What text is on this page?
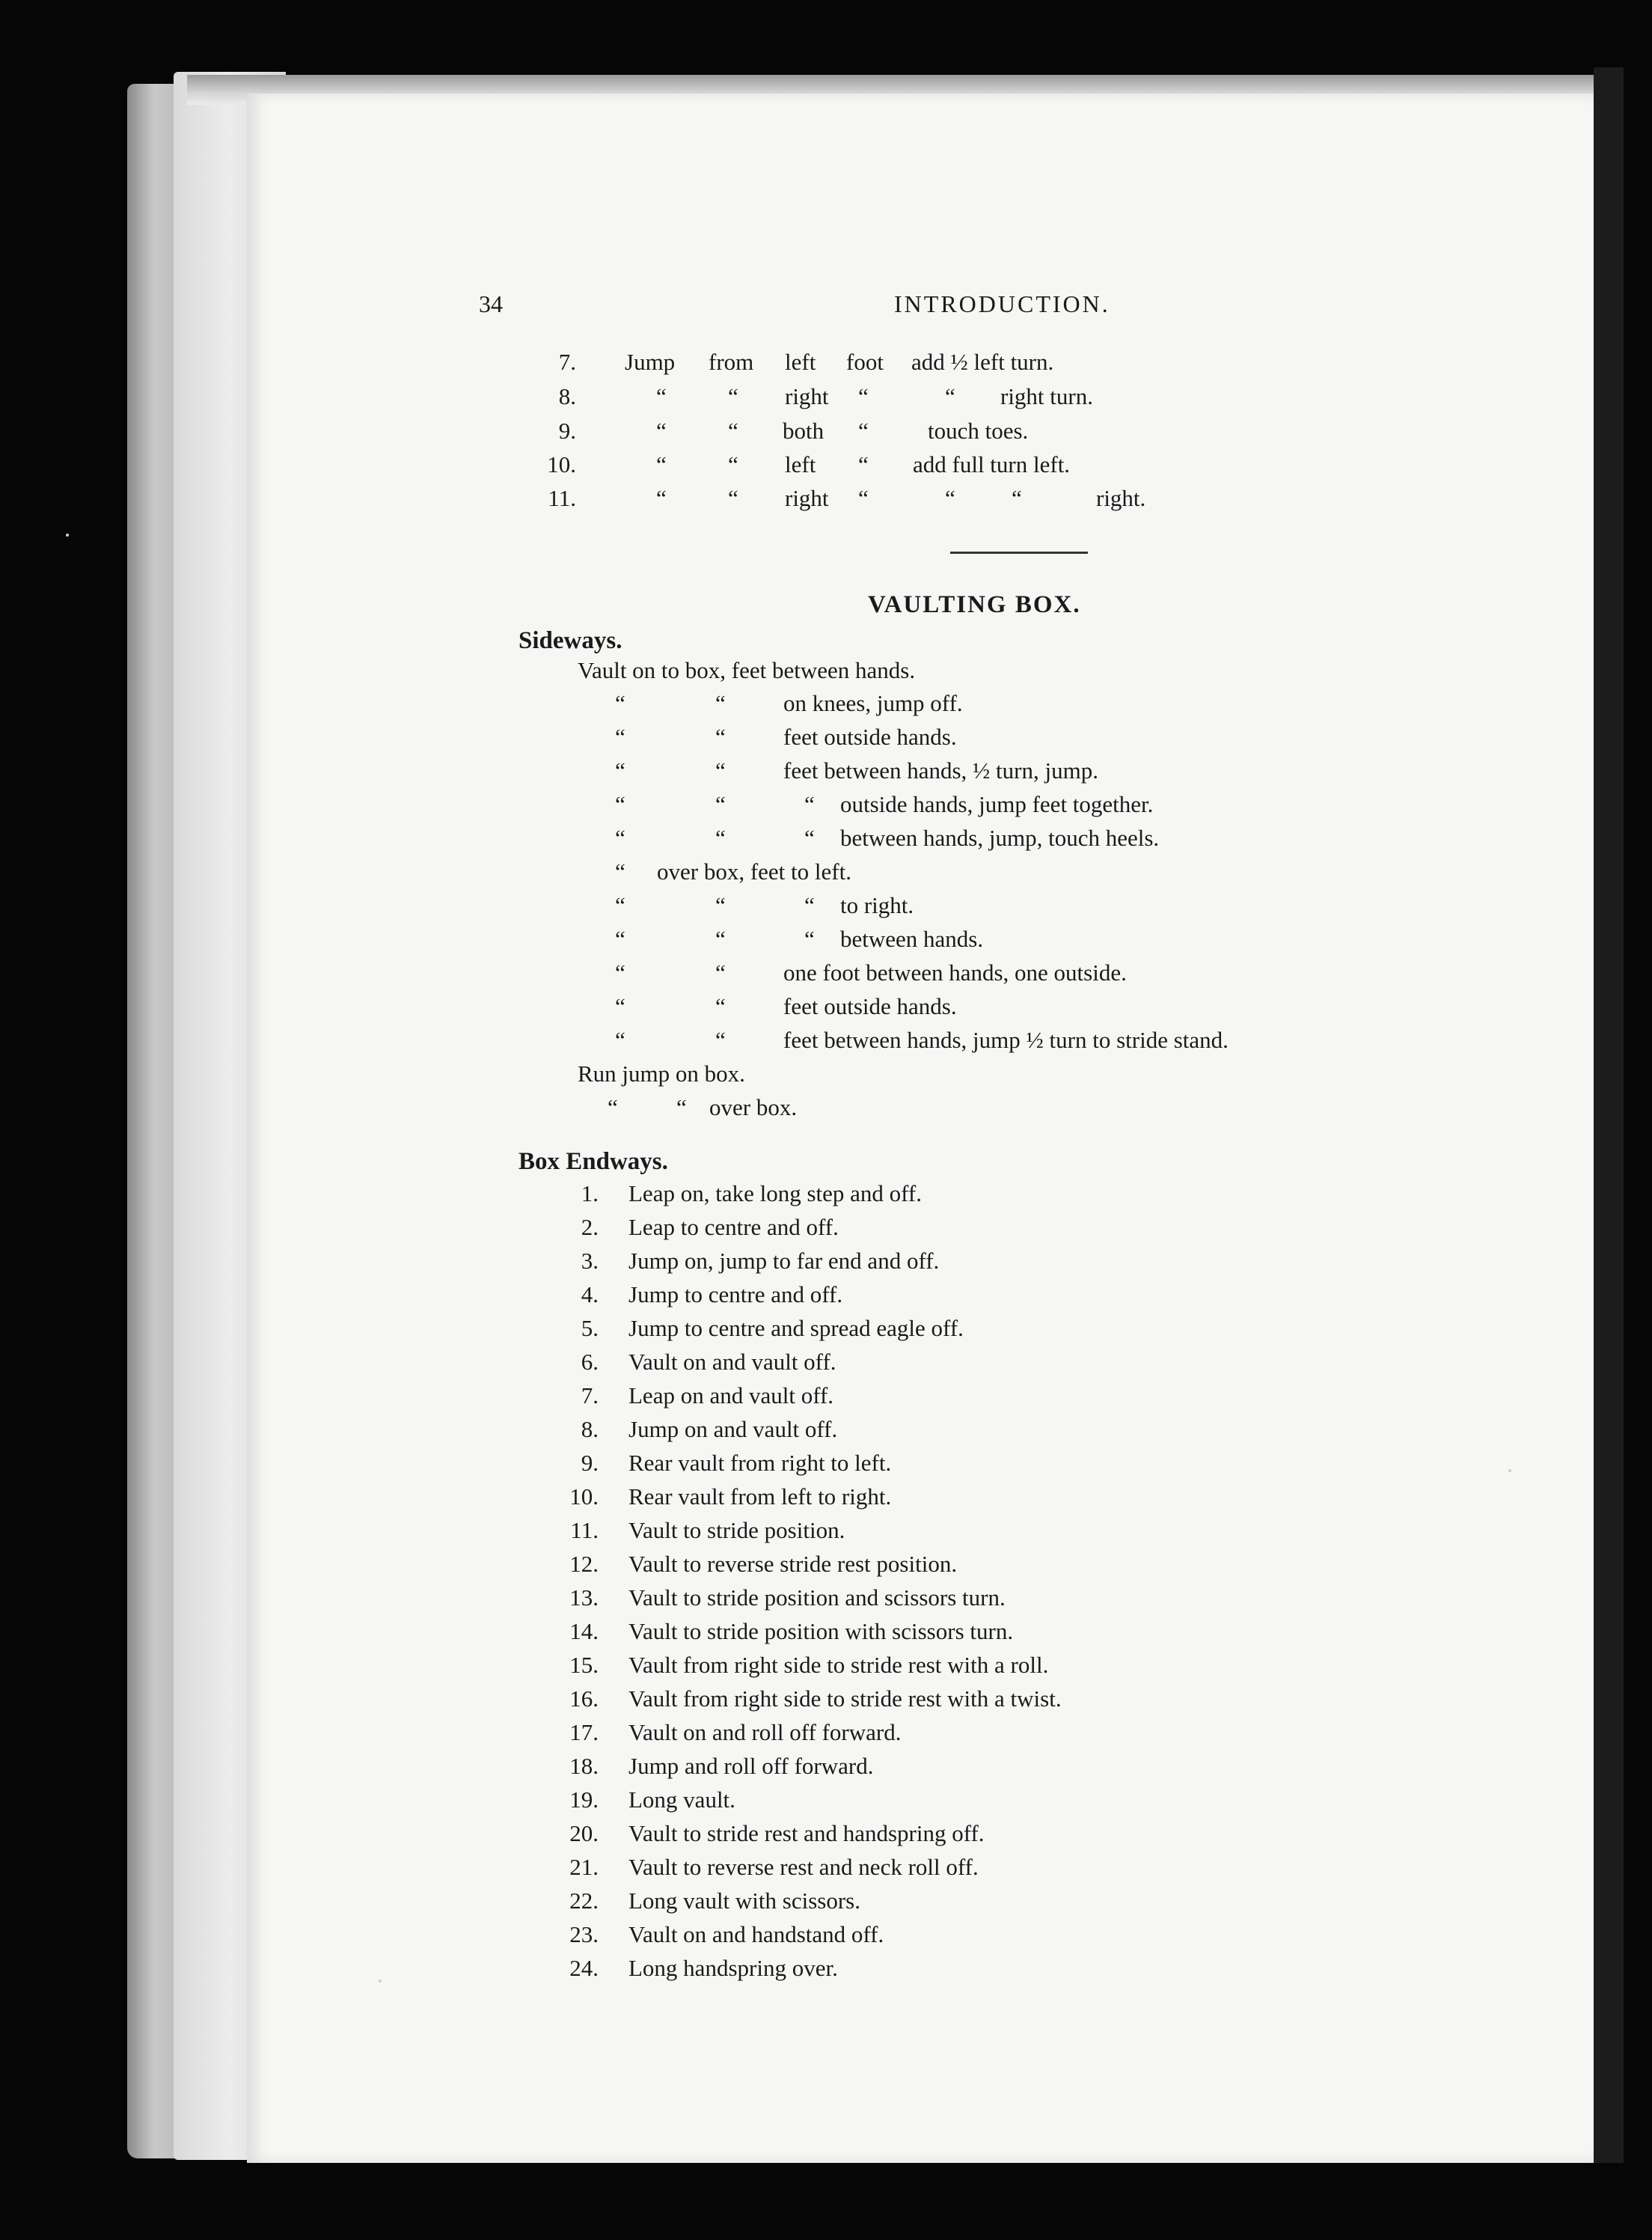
34	INTRODUCTION.
7. Jump from left foot add ½ left turn.
8.	“	“ right “	“ right turn.
9.	“	“ both “	touch toes.
10.	“	“ left “ add full turn left.
11.	“	“ right “	“ “	right.
VAULTING BOX.
Sideways.
Vault on to box, feet between hands.
“	“ on knees, jump off.
“	“ feet outside hands.
“	“ feet between hands, ½ turn, jump.
“	“	“ outside hands, jump feet together.
“	“	“ between hands, jump, touch heels.
“ over box, feet to left.
“	“	“ to right.
“	“	“ between hands.
“	“ one foot between hands, one outside.
“	“ feet outside hands.
“	“ feet between hands, jump ½ turn to stride stand.
Run jump on box.
“	“ over box.
Box Endways.
1. Leap on, take long step and off.
2. Leap to centre and off.
3. Jump on, jump to far end and off.
4. Jump to centre and off.
5. Jump to centre and spread eagle off.
6. Vault on and vault off.
7. Leap on and vault off.
8. Jump on and vault off.
9. Rear vault from right to left.
10. Rear vault from left to right.
11. Vault to stride position.
12. Vault to reverse stride rest position.
13. Vault to stride position and scissors turn.
14. Vault to stride position with scissors turn.
15. Vault from right side to stride rest with a roll.
16. Vault from right side to stride rest with a twist.
17. Vault on and roll off forward.
18. Jump and roll off forward.
19. Long vault.
20. Vault to stride rest and handspring off.
21. Vault to reverse rest and neck roll off.
22. Long vault with scissors.
23. Vault on and handstand off.
24. Long handspring over.
